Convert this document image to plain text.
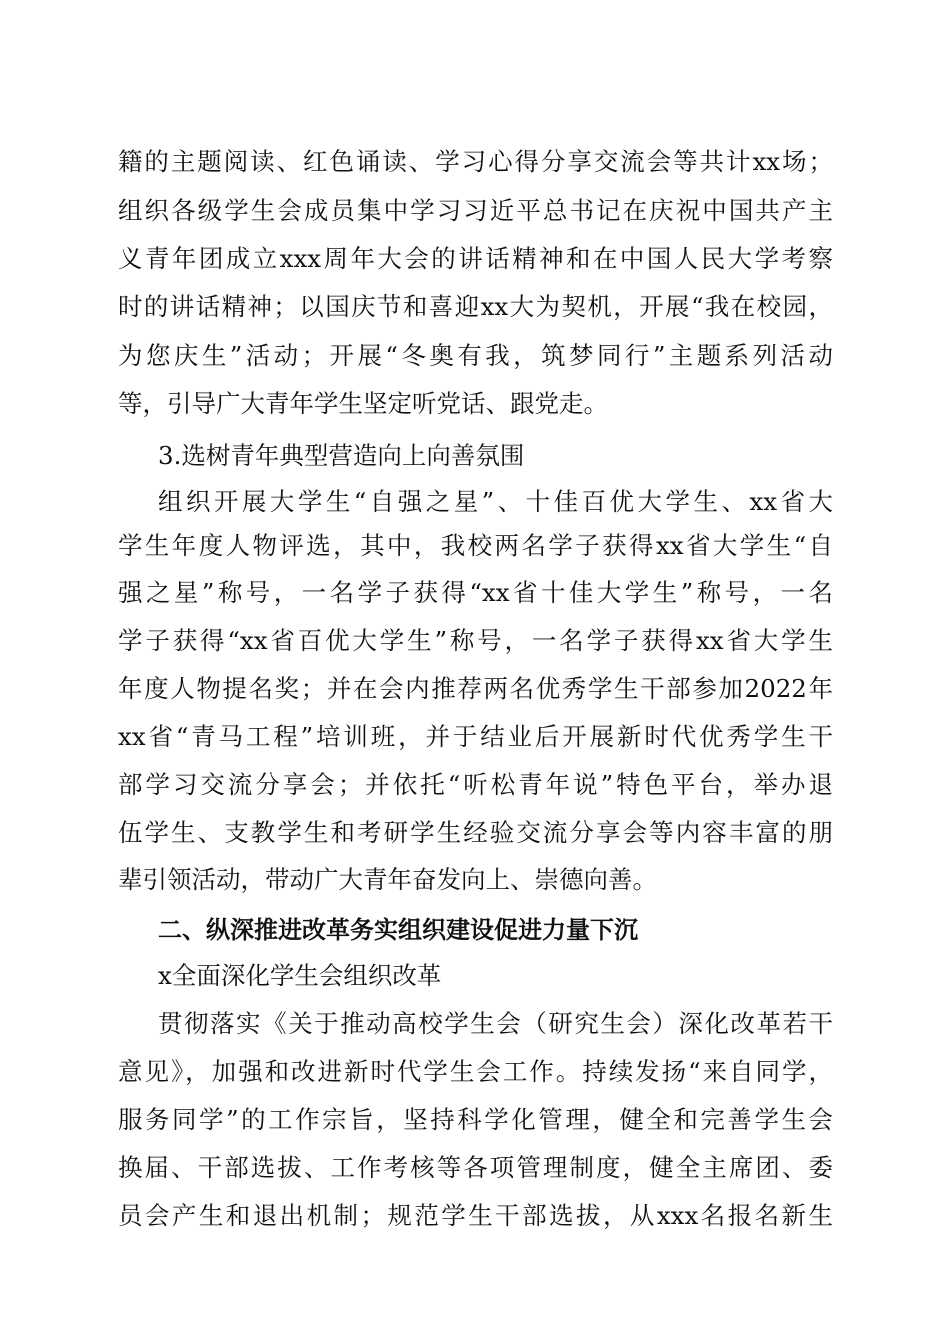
籍的主题阅读、红色诵读、学习心得分享交流会等共计xx场；
组织各级学生会成员集中学习习近平总书记在庆祝中国共产主
义青年团成立xxx周年大会的讲话精神和在中国人民大学考察
时的讲话精神；以国庆节和喜迎xx大为契机，开展“我在校园，
为您庆生”活动；开展“冬奥有我，筑梦同行”主题系列活动
等，引导广大青年学生坚定听党话、跟党走。
3.选树青年典型营造向上向善氛围
组织开展大学生“自强之星”、十佳百优大学生、xx省大
学生年度人物评选，其中，我校两名学子获得xx省大学生“自
强之星”称号，一名学子获得“xx省十佳大学生”称号，一名
学子获得“xx省百优大学生”称号，一名学子获得xx省大学生
年度人物提名奖；并在会内推荐两名优秀学生干部参加2022年
xx省“青马工程”培训班，并于结业后开展新时代优秀学生干
部学习交流分享会；并依托“听松青年说”特色平台，举办退
伍学生、支教学生和考研学生经验交流分享会等内容丰富的朋
辈引领活动，带动广大青年奋发向上、崇德向善。
二、纵深推进改革务实组织建设促进力量下沉
x全面深化学生会组织改革
贯彻落实《关于推动高校学生会（研究生会）深化改革若干
意见》，加强和改进新时代学生会工作。持续发扬“来自同学，
服务同学”的工作宗旨，坚持科学化管理，健全和完善学生会
换届、干部选拔、工作考核等各项管理制度，健全主席团、委
员会产生和退出机制；规范学生干部选拔，从xxx名报名新生
